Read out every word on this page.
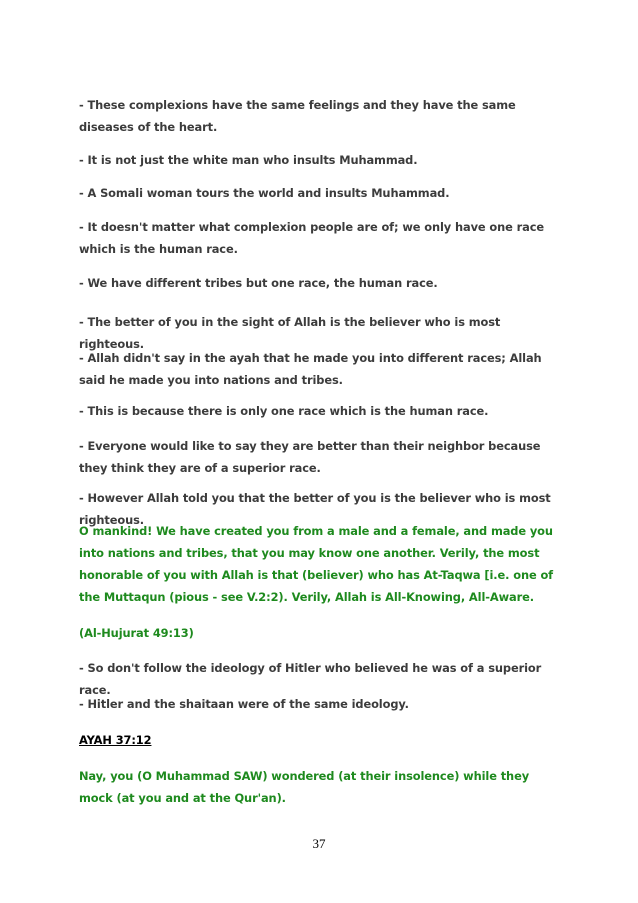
- These complexions have the same feelings and they have the same diseases of the heart.

- It is not just the white man who insults Muhammad.

- A Somali woman tours the world and insults Muhammad.

- It doesn't matter what complexion people are of; we only have one race which is the human race.

- We have different tribes but one race, the human race.

- The better of you in the sight of Allah is the believer who is most righteous.

- Allah didn't say in the ayah that he made you into different races; Allah said he made you into nations and tribes.

- This is because there is only one race which is the human race.

- Everyone would like to say they are better than their neighbor because they think they are of a superior race.

- However Allah told you that the better of you is the believer who is most righteous.

O mankind! We have created you from a male and a female, and made you into nations and tribes, that you may know one another. Verily, the most honorable of you with Allah is that (believer) who has At-Taqwa [i.e. one of the Muttaqun (pious - see V.2:2). Verily, Allah is All-Knowing, All-Aware.

(Al-Hujurat 49:13)

- So don't follow the ideology of Hitler who believed he was of a superior race.

- Hitler and the shaitaan were of the same ideology.

AYAH 37:12

Nay, you (O Muhammad SAW) wondered (at their insolence) while they mock (at you and at the Qur'an).

37
